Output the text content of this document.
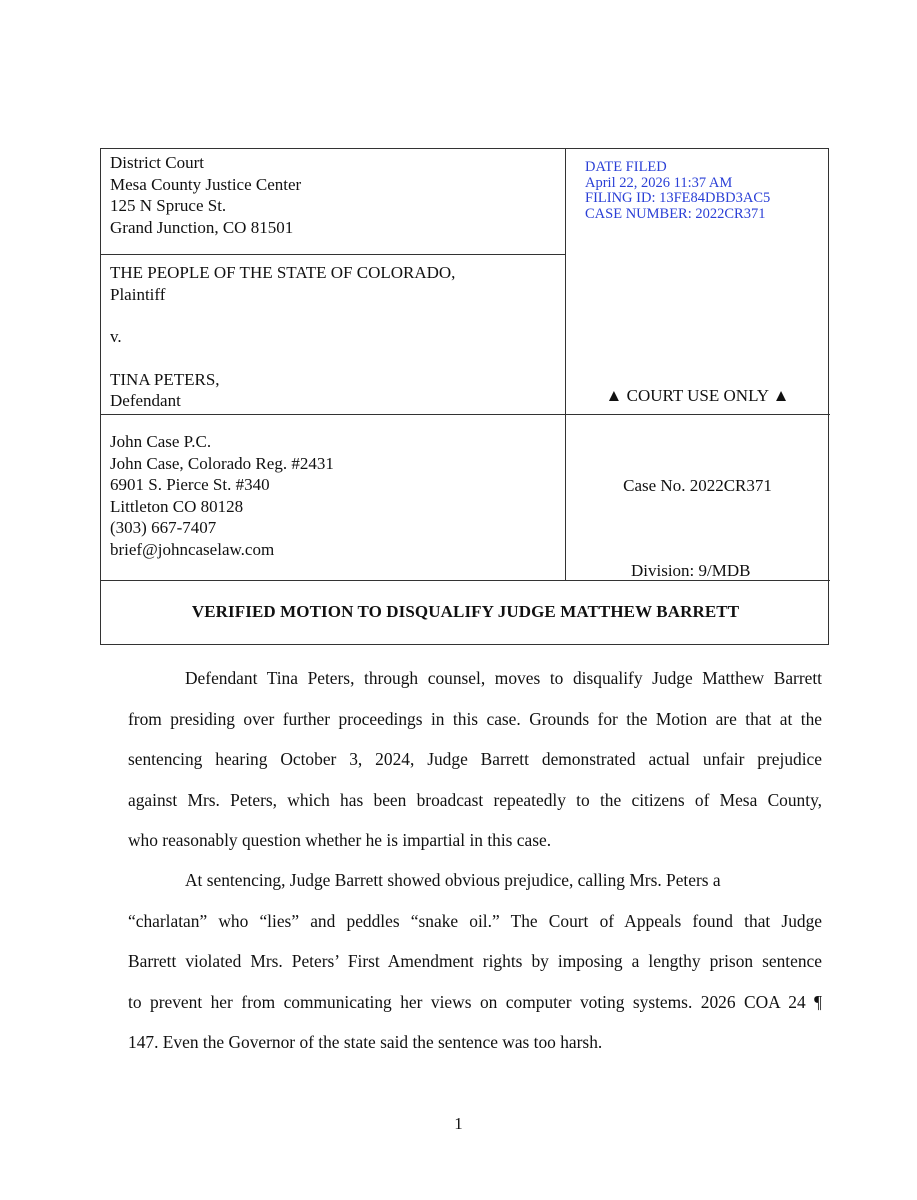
District Court
Mesa County Justice Center
125 N Spruce St.
Grand Junction, CO 81501
DATE FILED
April 22, 2026 11:37 AM
FILING ID: 13FE84DBD3AC5
CASE NUMBER: 2022CR371
THE PEOPLE OF THE STATE OF COLORADO,
Plaintiff
v.
TINA PETERS,
Defendant	▲ COURT USE ONLY ▲
John Case P.C.
John Case, Colorado Reg. #2431
6901 S. Pierce St. #340
Littleton CO 80128
(303) 667-7407
brief@johncaselaw.com
Case No. 2022CR371
Division: 9/MDB
VERIFIED MOTION TO DISQUALIFY JUDGE MATTHEW BARRETT
Defendant Tina Peters, through counsel, moves to disqualify Judge Matthew Barrett
from presiding over further proceedings in this case. Grounds for the Motion are that at the
sentencing hearing October 3, 2024, Judge Barrett demonstrated actual unfair prejudice
against Mrs. Peters, which has been broadcast repeatedly to the citizens of Mesa County,
who reasonably question whether he is impartial in this case.
At sentencing, Judge Barrett showed obvious prejudice, calling Mrs. Peters a
“charlatan” who “lies” and peddles “snake oil.” The Court of Appeals found that Judge
Barrett violated Mrs. Peters’ First Amendment rights by imposing a lengthy prison sentence
to prevent her from communicating her views on computer voting systems. 2026 COA 24 ¶
147. Even the Governor of the state said the sentence was too harsh.
1
